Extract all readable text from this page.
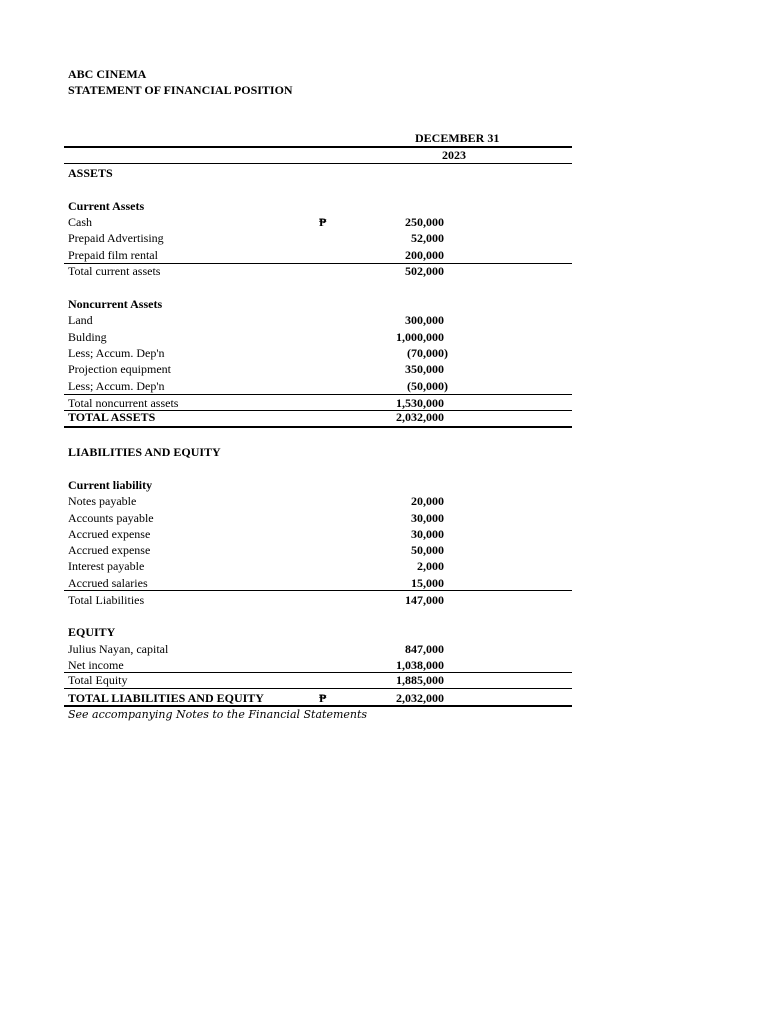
ABC CINEMA
STATEMENT OF FINANCIAL POSITION
DECEMBER 31
2023
ASSETS
Current Assets
Cash	₱	250,000
Prepaid Advertising	52,000
Prepaid film rental	200,000
Total current assets	502,000
Noncurrent Assets
Land	300,000
Bulding	1,000,000
Less; Accum. Dep'n	(70,000)
Projection equipment	350,000
Less; Accum. Dep'n	(50,000)
Total noncurrent assets	1,530,000
TOTAL ASSETS	2,032,000
LIABILITIES AND EQUITY
Current liability
Notes payable	20,000
Accounts payable	30,000
Accrued expense	30,000
Accrued expense	50,000
Interest payable	2,000
Accrued salaries	15,000
Total Liabilities	147,000
EQUITY
Julius Nayan, capital	847,000
Net income	1,038,000
Total Equity	1,885,000
TOTAL LIABILITIES AND EQUITY	₱	2,032,000
See accompanying Notes to the Financial Statements
